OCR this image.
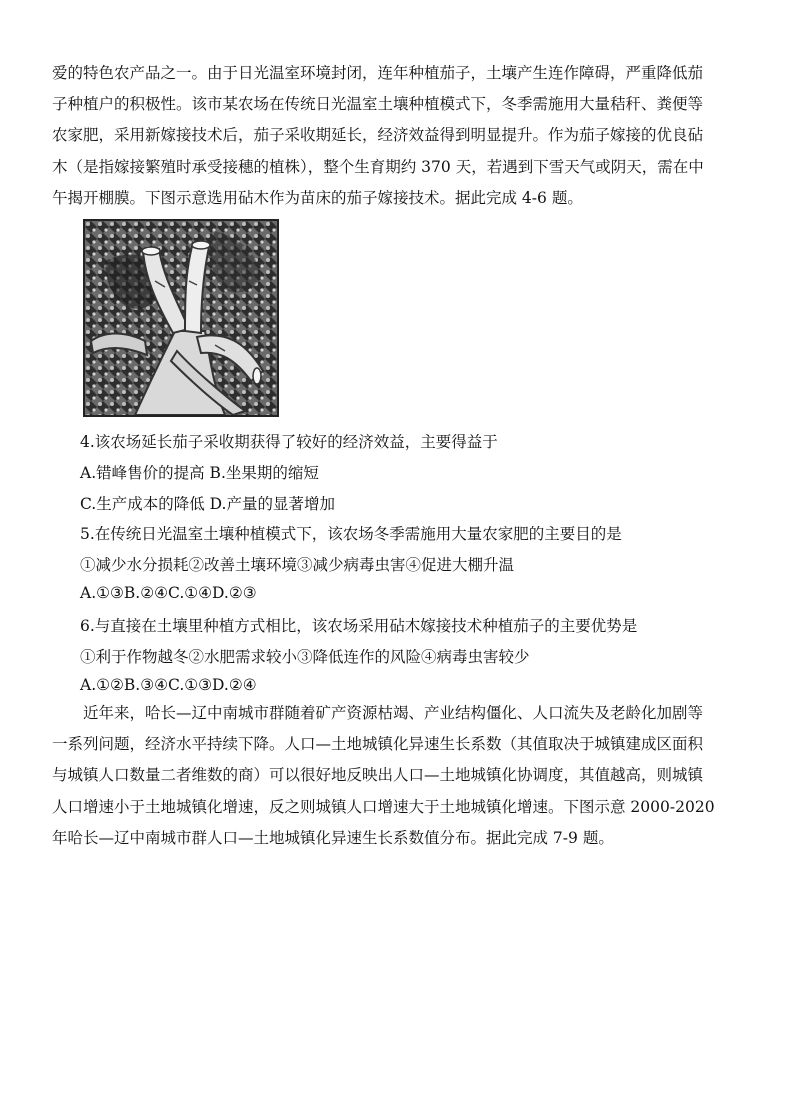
爱的特色农产品之一。由于日光温室环境封闭，连年种植茄子，土壤产生连作障碍，严重降低茄

子种植户的积极性。该市某农场在传统日光温室土壤种植模式下，冬季需施用大量秸秆、粪便等

农家肥，采用新嫁接技术后，茄子采收期延长，经济效益得到明显提升。作为茄子嫁接的优良砧

木（是指嫁接繁殖时承受接穗的植株），整个生育期约 370 天，若遇到下雪天气或阴天，需在中

午揭开棚膜。下图示意选用砧木作为苗床的茄子嫁接技术。据此完成 4-6 题。

4.该农场延长茄子采收期获得了较好的经济效益，主要得益于
A.错峰售价的提高 B.坐果期的缩短
C.生产成本的降低 D.产量的显著增加
5.在传统日光温室土壤种植模式下，该农场冬季需施用大量农家肥的主要目的是
①减少水分损耗②改善土壤环境③减少病毒虫害④促进大棚升温
A.①③B.②④C.①④D.②③
6.与直接在土壤里种植方式相比，该农场采用砧木嫁接技术种植茄子的主要优势是
①利于作物越冬②水肥需求较小③降低连作的风险④病毒虫害较少
A.①②B.③④C.①③D.②④

　　近年来，哈长—辽中南城市群随着矿产资源枯竭、产业结构僵化、人口流失及老龄化加剧等

一系列问题，经济水平持续下降。人口—土地城镇化异速生长系数（其值取决于城镇建成区面积

与城镇人口数量二者维数的商）可以很好地反映出人口—土地城镇化协调度，其值越高，则城镇

人口增速小于土地城镇化增速，反之则城镇人口增速大于土地城镇化增速。下图示意 2000-2020

年哈长—辽中南城市群人口—土地城镇化异速生长系数值分布。据此完成 7-9 题。
